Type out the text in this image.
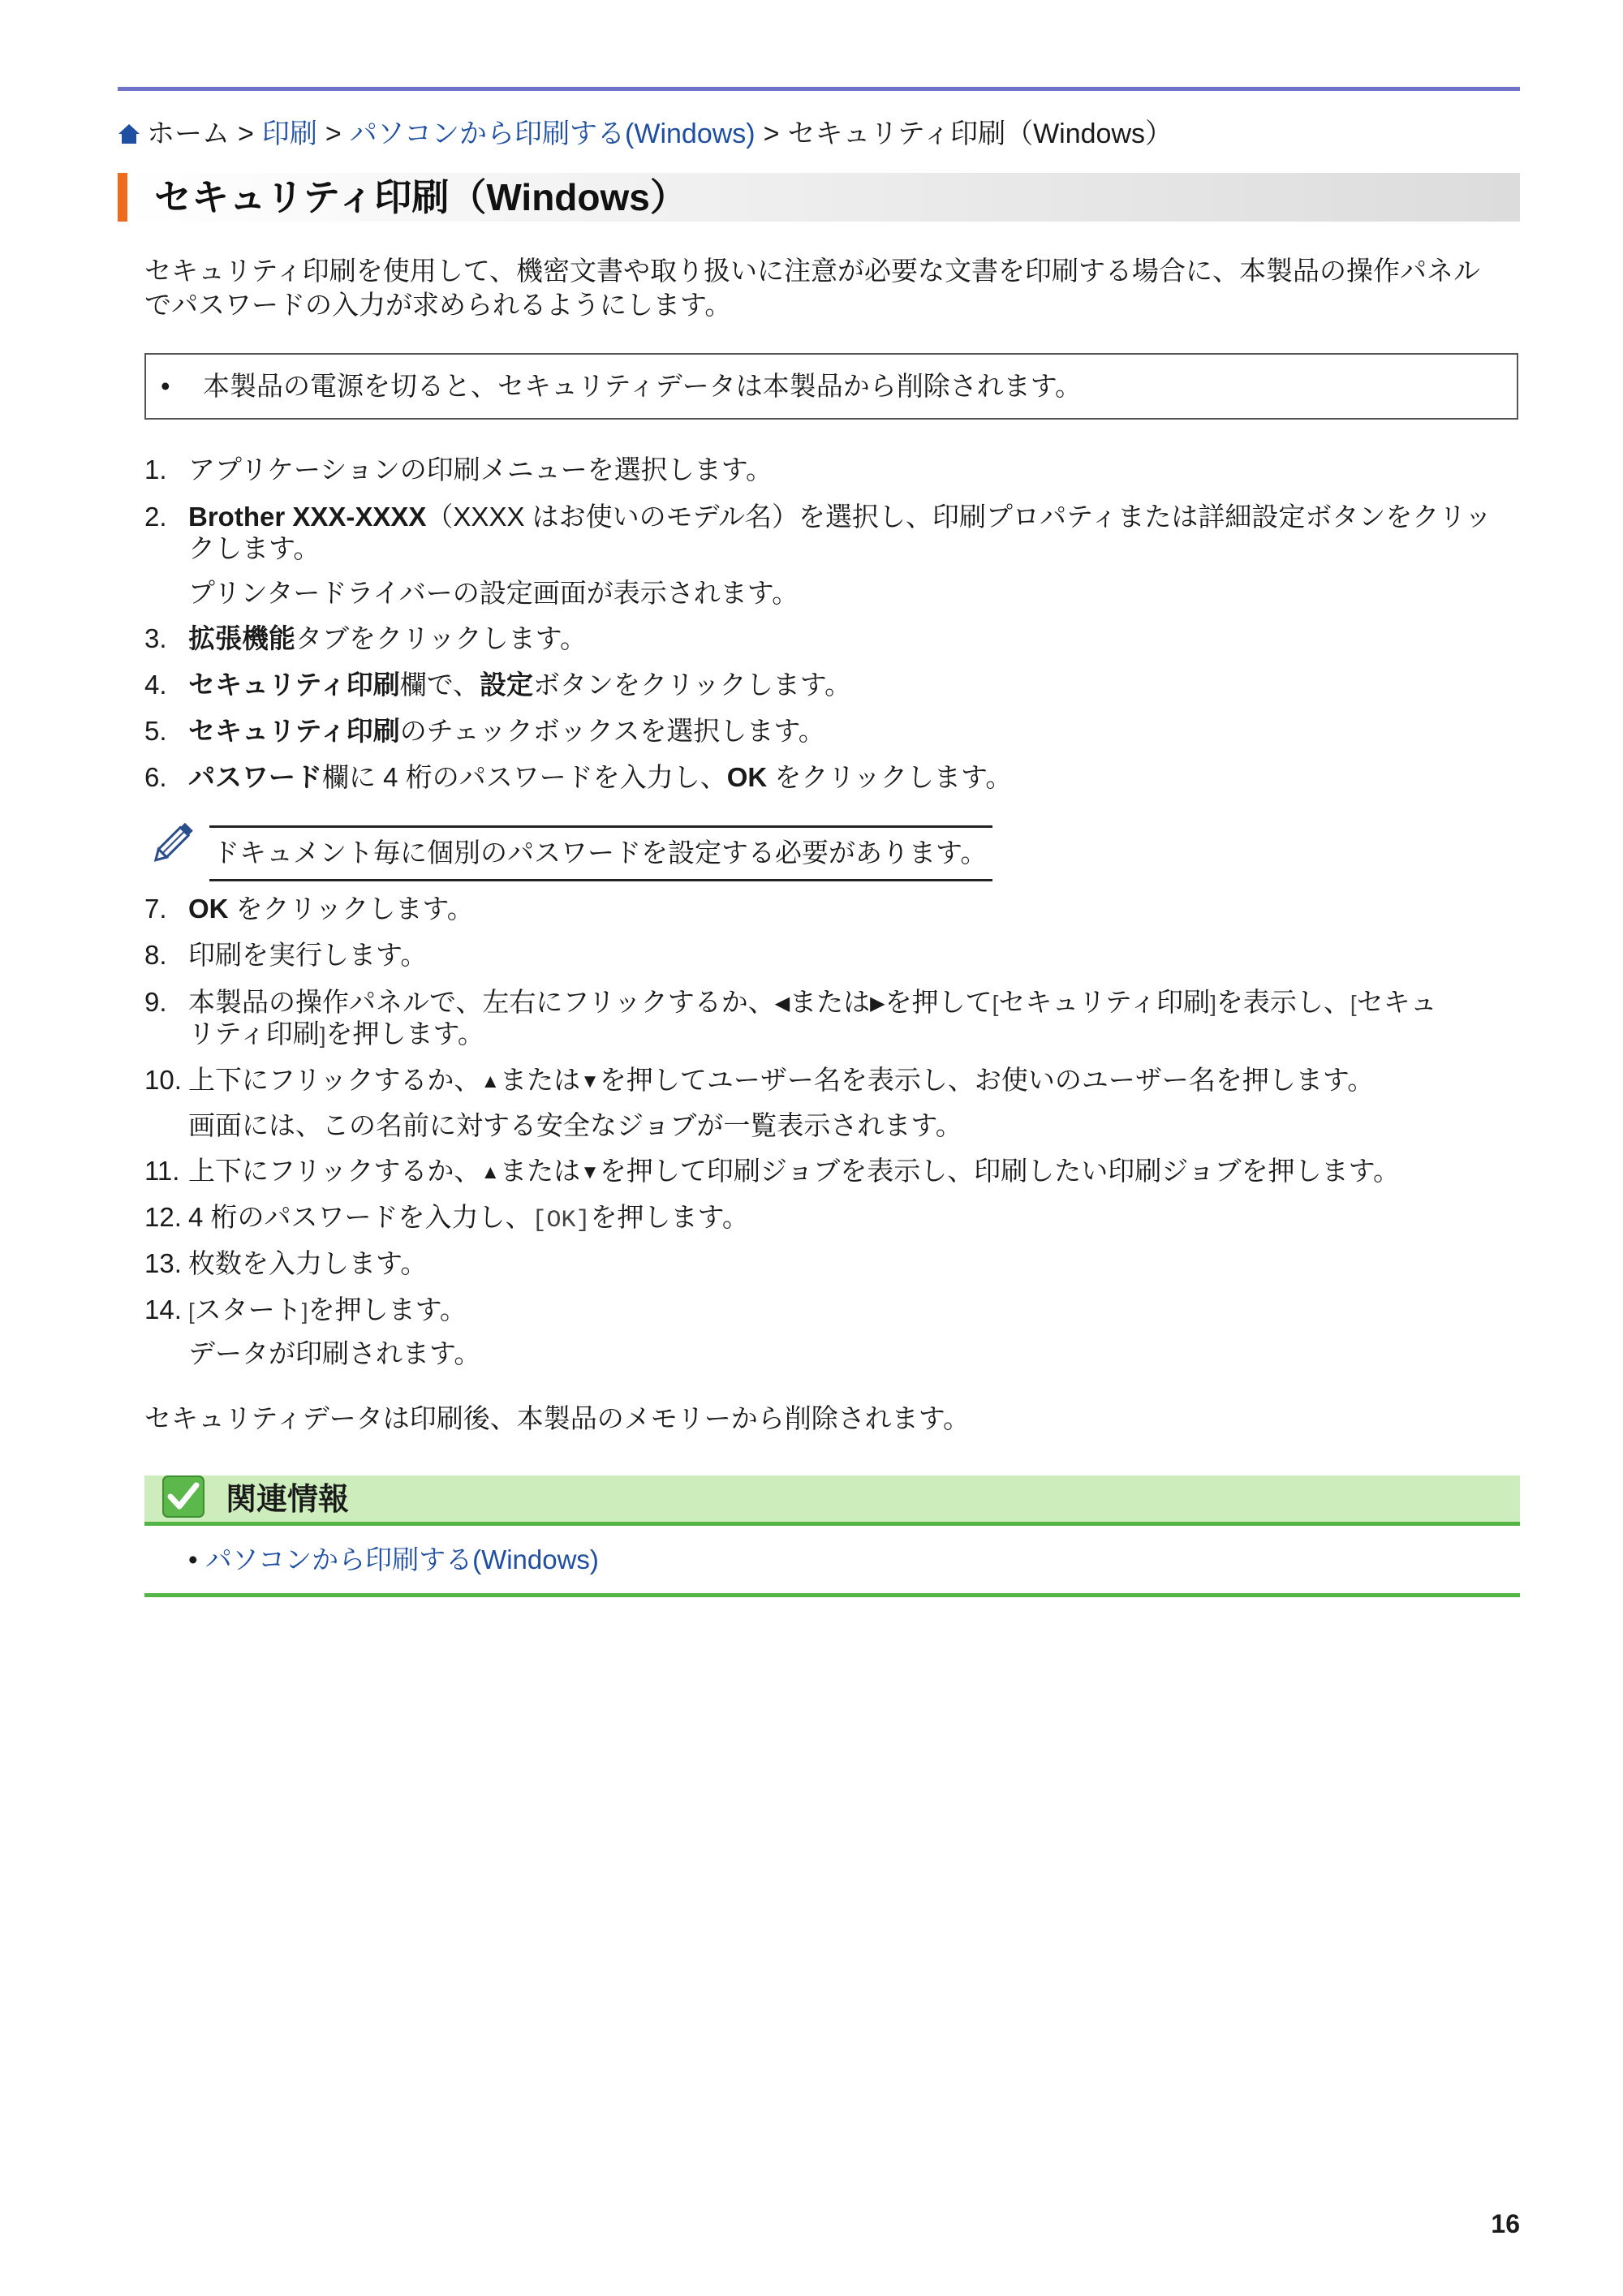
ホーム > 印刷 > パソコンから印刷する(Windows) > セキュリティ印刷（Windows）
セキュリティ印刷（Windows）
セキュリティ印刷を使用して、機密文書や取り扱いに注意が必要な文書を印刷する場合に、本製品の操作パネル
でパスワードの入力が求められるようにします。
• 本製品の電源を切ると、セキュリティデータは本製品から削除されます。
1. アプリケーションの印刷メニューを選択します。
2. Brother XXX-XXXX（XXXX はお使いのモデル名）を選択し、印刷プロパティまたは詳細設定ボタンをクリッ
クします。
プリンタードライバーの設定画面が表示されます。
3. 拡張機能タブをクリックします。
4. セキュリティ印刷欄で、設定ボタンをクリックします。
5. セキュリティ印刷のチェックボックスを選択します。
6. パスワード欄に 4 桁のパスワードを入力し、OK をクリックします。
ドキュメント毎に個別のパスワードを設定する必要があります。
7. OK をクリックします。
8. 印刷を実行します。
9. 本製品の操作パネルで、左右にフリックするか、◀または▶を押して[セキュリティ印刷]を表示し、[セキュ
リティ印刷]を押します。
10. 上下にフリックするか、▲または▼を押してユーザー名を表示し、お使いのユーザー名を押します。
画面には、この名前に対する安全なジョブが一覧表示されます。
11. 上下にフリックするか、▲または▼を押して印刷ジョブを表示し、印刷したい印刷ジョブを押します。
12. 4 桁のパスワードを入力し、[OK]を押します。
13. 枚数を入力します。
14. [スタート]を押します。
データが印刷されます。
セキュリティデータは印刷後、本製品のメモリーから削除されます。
関連情報
• パソコンから印刷する(Windows)
16
